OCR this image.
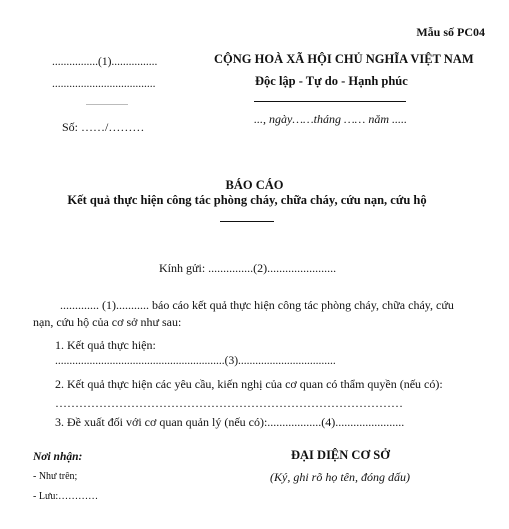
Mẫu số PC04
................(1)................
....................................
Số: ……/………
CỘNG HOÀ XÃ HỘI CHỦ NGHĨA VIỆT NAM
Độc lập - Tự do - Hạnh phúc
..., ngày……tháng …… năm .....
BÁO CÁO
Kết quả thực hiện công tác phòng cháy, chữa cháy, cứu nạn, cứu hộ
Kính gửi: ...............(2).......................
............. (1)........... báo cáo kết quả thực hiện công tác phòng cháy, chữa cháy, cứu
nạn, cứu hộ của cơ sở như sau:
1. Kết quả thực hiện:
...........................................................(3)..................................
2. Kết quả thực hiện các yêu cầu, kiến nghị của cơ quan có thẩm quyền (nếu có):
……………………………………………………………………………
3. Đề xuất đối với cơ quan quản lý (nếu có):..................(4).......................
Nơi nhận:
- Như trên;
- Lưu:…………
ĐẠI DIỆN CƠ SỞ
(Ký, ghi rõ họ tên, đóng dấu)
